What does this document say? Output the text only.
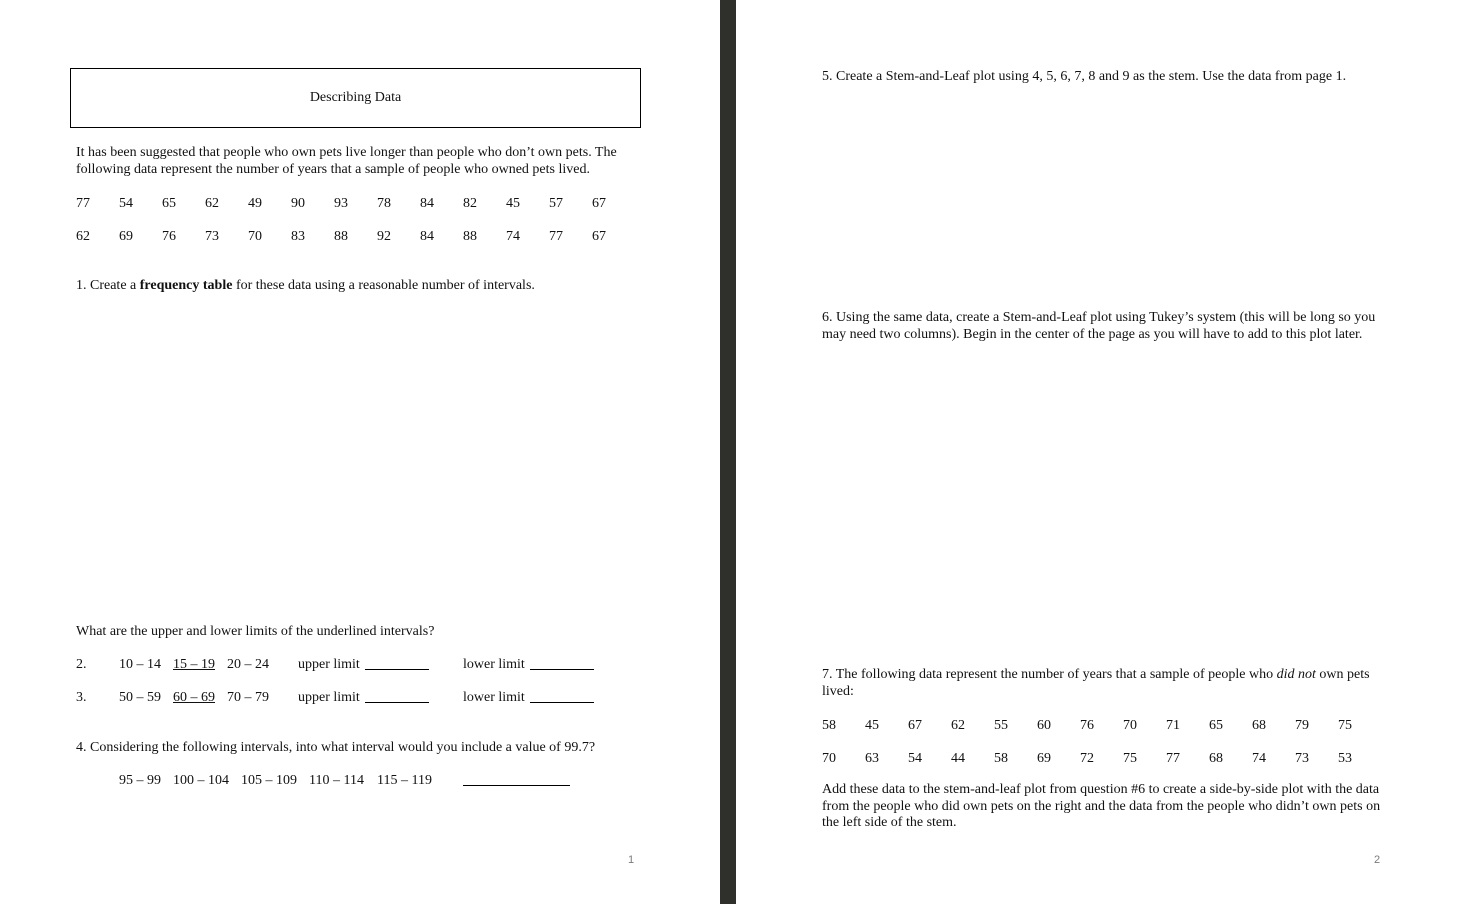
Describing Data
It has been suggested that people who own pets live longer than people who don’t own pets. The following data represent the number of years that a sample of people who owned pets lived.
77 54 65 62 49 90 93 78 84 82 45 57 67
62 69 76 73 70 83 88 92 84 88 74 77 67
1. Create a frequency table for these data using a reasonable number of intervals.
What are the upper and lower limits of the underlined intervals?
2. 10 – 14 15 – 19 20 – 24 upper limit	lower limit
3. 50 – 59 60 – 69 70 – 79 upper limit	lower limit
4. Considering the following intervals, into what interval would you include a value of 99.7?
95 – 99 100 – 104 105 – 109 110 – 114 115 – 119
1
5. Create a Stem-and-Leaf plot using 4, 5, 6, 7, 8 and 9 as the stem. Use the data from page 1.
6. Using the same data, create a Stem-and-Leaf plot using Tukey’s system (this will be long so you may need two columns). Begin in the center of the page as you will have to add to this plot later.
7. The following data represent the number of years that a sample of people who did not own pets lived:
58 45 67 62 55 60 76 70 71 65 68 79 75
70 63 54 44 58 69 72 75 77 68 74 73 53
Add these data to the stem-and-leaf plot from question #6 to create a side-by-side plot with the data from the people who did own pets on the right and the data from the people who didn’t own pets on the left side of the stem.
2
